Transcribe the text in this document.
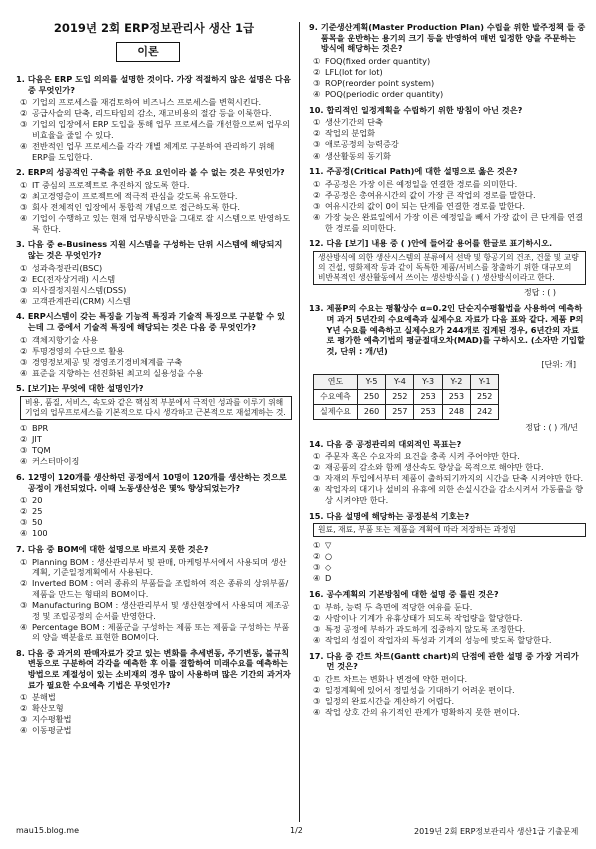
2019년 2회 ERP정보관리사 생산 1급
이론
1. 다음은 ERP 도입 의의를 설명한 것이다. 가장 적절하지 않은 설명은 다음 중 무엇인가?
① 기업의 프로세스를 재검토하여 비즈니스 프로세스를 변혁시킨다.
② 공급사슬의 단축, 리드타임의 감소, 재고비용의 절감 등을 이룩한다.
③ 기업의 입장에서 ERP 도입을 통해 업무 프로세스를 개선함으로써 업무의 비효율을 줄일 수 있다.
④ 전반적인 업무 프로세스를 각각 개별 체계로 구분하여 관리하기 위해 ERP를 도입한다.
2. ERP의 성공적인 구축을 위한 주요 요인이라 볼 수 없는 것은 무엇인가?
① IT 중심의 프로젝트로 추진하지 않도록 한다.
② 최고경영층이 프로젝트에 적극적 관심을 갖도록 유도한다.
③ 회사 전체적인 입장에서 통합적 개념으로 접근하도록 한다.
④ 기업이 수행하고 있는 현재 업무방식만을 그대로 잘 시스템으로 반영하도록 한다.
3. 다음 중 e-Business 지원 시스템을 구성하는 단위 시스템에 해당되지 않는 것은 무엇인가?
① 성과측정관리(BSC)
② EC(전자상거래) 시스템
③ 의사결정지원시스템(DSS)
④ 고객관계관리(CRM) 시스템
4. ERP시스템이 갖는 특징을 기능적 특징과 기술적 특징으로 구분할 수 있는데 그 중에서 기술적 특징에 해당되는 것은 다음 중 무엇인가?
① 객체지향기술 사용
② 투명경영의 수단으로 활용
③ 경영정보제공 및 경영조기경비체계를 구축
④ 표준을 지향하는 선진화된 최고의 실용성을 수용
5. [보기]는 무엇에 대한 설명인가?
비용, 품질, 서비스, 속도와 같은 핵심적 부분에서 극적인 성과를 이루기 위해 기업의 업무프로세스를 기본적으로 다시 생각하고 근본적으로 재설계하는 것.
① BPR
② JIT
③ TQM
④ 커스터마이징
6. 12명이 120개를 생산하던 공정에서 10명이 120개를 생산하는 것으로 공정이 개선되었다. 이때 노동생산성은 몇% 향상되었는가?
① 20
② 25
③ 50
④ 100
7. 다음 중 BOM에 대한 설명으로 바르지 못한 것은?
① Planning BOM : 생산관리부서 및 판매, 마케팅부서에서 사용되며 생산계획, 기준일정계획에서 사용된다.
② Inverted BOM : 여러 종류의 부품들을 조립하여 적은 종류의 상위부품/제품을 만드는 형태의 BOM이다.
③ Manufacturing BOM : 생산관리부서 및 생산현장에서 사용되며 제조공정 및 조립공정의 순서를 반영한다.
④ Percentage BOM : 제품군을 구성하는 제품 또는 제품을 구성하는 부품의 양을 백분율로 표현한 BOM이다.
8. 다음 중 과거의 판매자료가 갖고 있는 변화를 추세변동, 주기변동, 불규칙변동으로 구분하여 각각을 예측한 후 이를 결합하여 미래수요를 예측하는 방법으로 계절성이 있는 소비재의 경우 많이 사용하며 많은 기간의 과거자료가 필요한 수요예측 기법은 무엇인가?
① 분해법
② 확산모형
③ 지수평활법
④ 이동평균법
9. 기준생산계획(Master Production Plan) 수립을 위한 발주정책 들 중 품목을 운반하는 용기의 크기 등을 반영하여 매번 일정한 양을 주문하는 방식에 해당하는 것은?
① FOQ(fixed order quantity)
② LFL(lot for lot)
③ ROP(reorder point system)
④ POQ(periodic order quantity)
10. 합리적인 일정계획을 수립하기 위한 방침이 아닌 것은?
① 생산기간의 단축
② 작업의 분업화
③ 애로공정의 능력증강
④ 생산활동의 동기화
11. 주공정(Critical Path)에 대한 설명으로 옳은 것은?
① 주공정은 가장 이른 예정일을 연결한 경로를 의미한다.
② 주공정은 총여유시간의 값이 가장 큰 작업의 경로를 말한다.
③ 여유시간의 값이 0이 되는 단계를 연결한 경로를 말한다.
④ 가장 늦은 완료일에서 가장 이른 예정일을 빼서 가장 값이 큰 단계를 연결한 경로를 의미한다.
12. 다음 [보기] 내용 중 ( )안에 들어갈 용어를 한글로 표기하시오.
생산방식에 의한 생산시스템의 분류에서 선박 및 항공기의 건조, 건물 및 교량의 건설, 영화제작 등과 같이 독특한 제품/서비스를 창출하기 위한 대규모의 비반복적인 생산활동에서 쓰이는 생산방식을 ( ) 생산방식이라고 한다.
정답 : ( )
13. 제품P의 수요는 평활상수 α=0.2인 단순지수평활법을 사용하여 예측하며 과거 5년간의 수요예측과 실제수요 자료가 다음 표와 같다. 제품 P의 Y년 수요를 예측하고 실제수요가 244개로 집계된 경우, 6년간의 자료로 평가한 예측기법의 평균절대오차(MAD)를 구하시오. (소자만 기입할 것, 단위 : 개/년)
[단위: 개]
연도	Y-5	Y-4	Y-3	Y-2	Y-1
수요예측	250	252	253	253	252
실제수요	260	257	253	248	242
정답 : ( ) 개/년
14. 다음 중 공정관리의 대외적인 목표는?
① 주문자 혹은 수요자의 요건을 충족 시켜 주어야만 한다.
② 재공품의 감소와 함께 생산속도 향상을 목적으로 해야만 한다.
③ 자재의 투입에서부터 제품이 출하되기까지의 시간을 단축 시켜야만 한다.
④ 작업자의 대기나 설비의 유휴에 의한 손실시간을 감소시켜서 가동률을 향상 시켜야만 한다.
15. 다음 설명에 해당하는 공정분석 기호는?
원료, 재료, 부품 또는 제품을 계획에 따라 저장하는 과정임
① ▽
② ○
③ ◇
④ D
16. 공수계획의 기본방침에 대한 설명 중 틀린 것은?
① 부하, 능력 두 측면에 적당한 여유를 둔다.
② 사람이나 기계가 유휴상태가 되도록 작업량을 할당한다.
③ 특정 공정에 부하가 과도하게 집중하지 않도록 조정한다.
④ 작업의 성질이 작업자의 특성과 기계의 성능에 맞도록 할당한다.
17. 다음 중 간트 차트(Gantt chart)의 단점에 관한 설명 중 가장 거리가 먼 것은?
① 간트 차트는 변화나 변경에 약한 편이다.
② 일정계획에 있어서 정밀성을 기대하기 어려운 편이다.
③ 일정의 완료시간을 계산하기 어렵다.
④ 작업 상호 간의 유기적인 관계가 명확하지 못한 편이다.
mau15.blog.me	1/2	2019년 2회 ERP정보관리사 생산1급 기출문제
